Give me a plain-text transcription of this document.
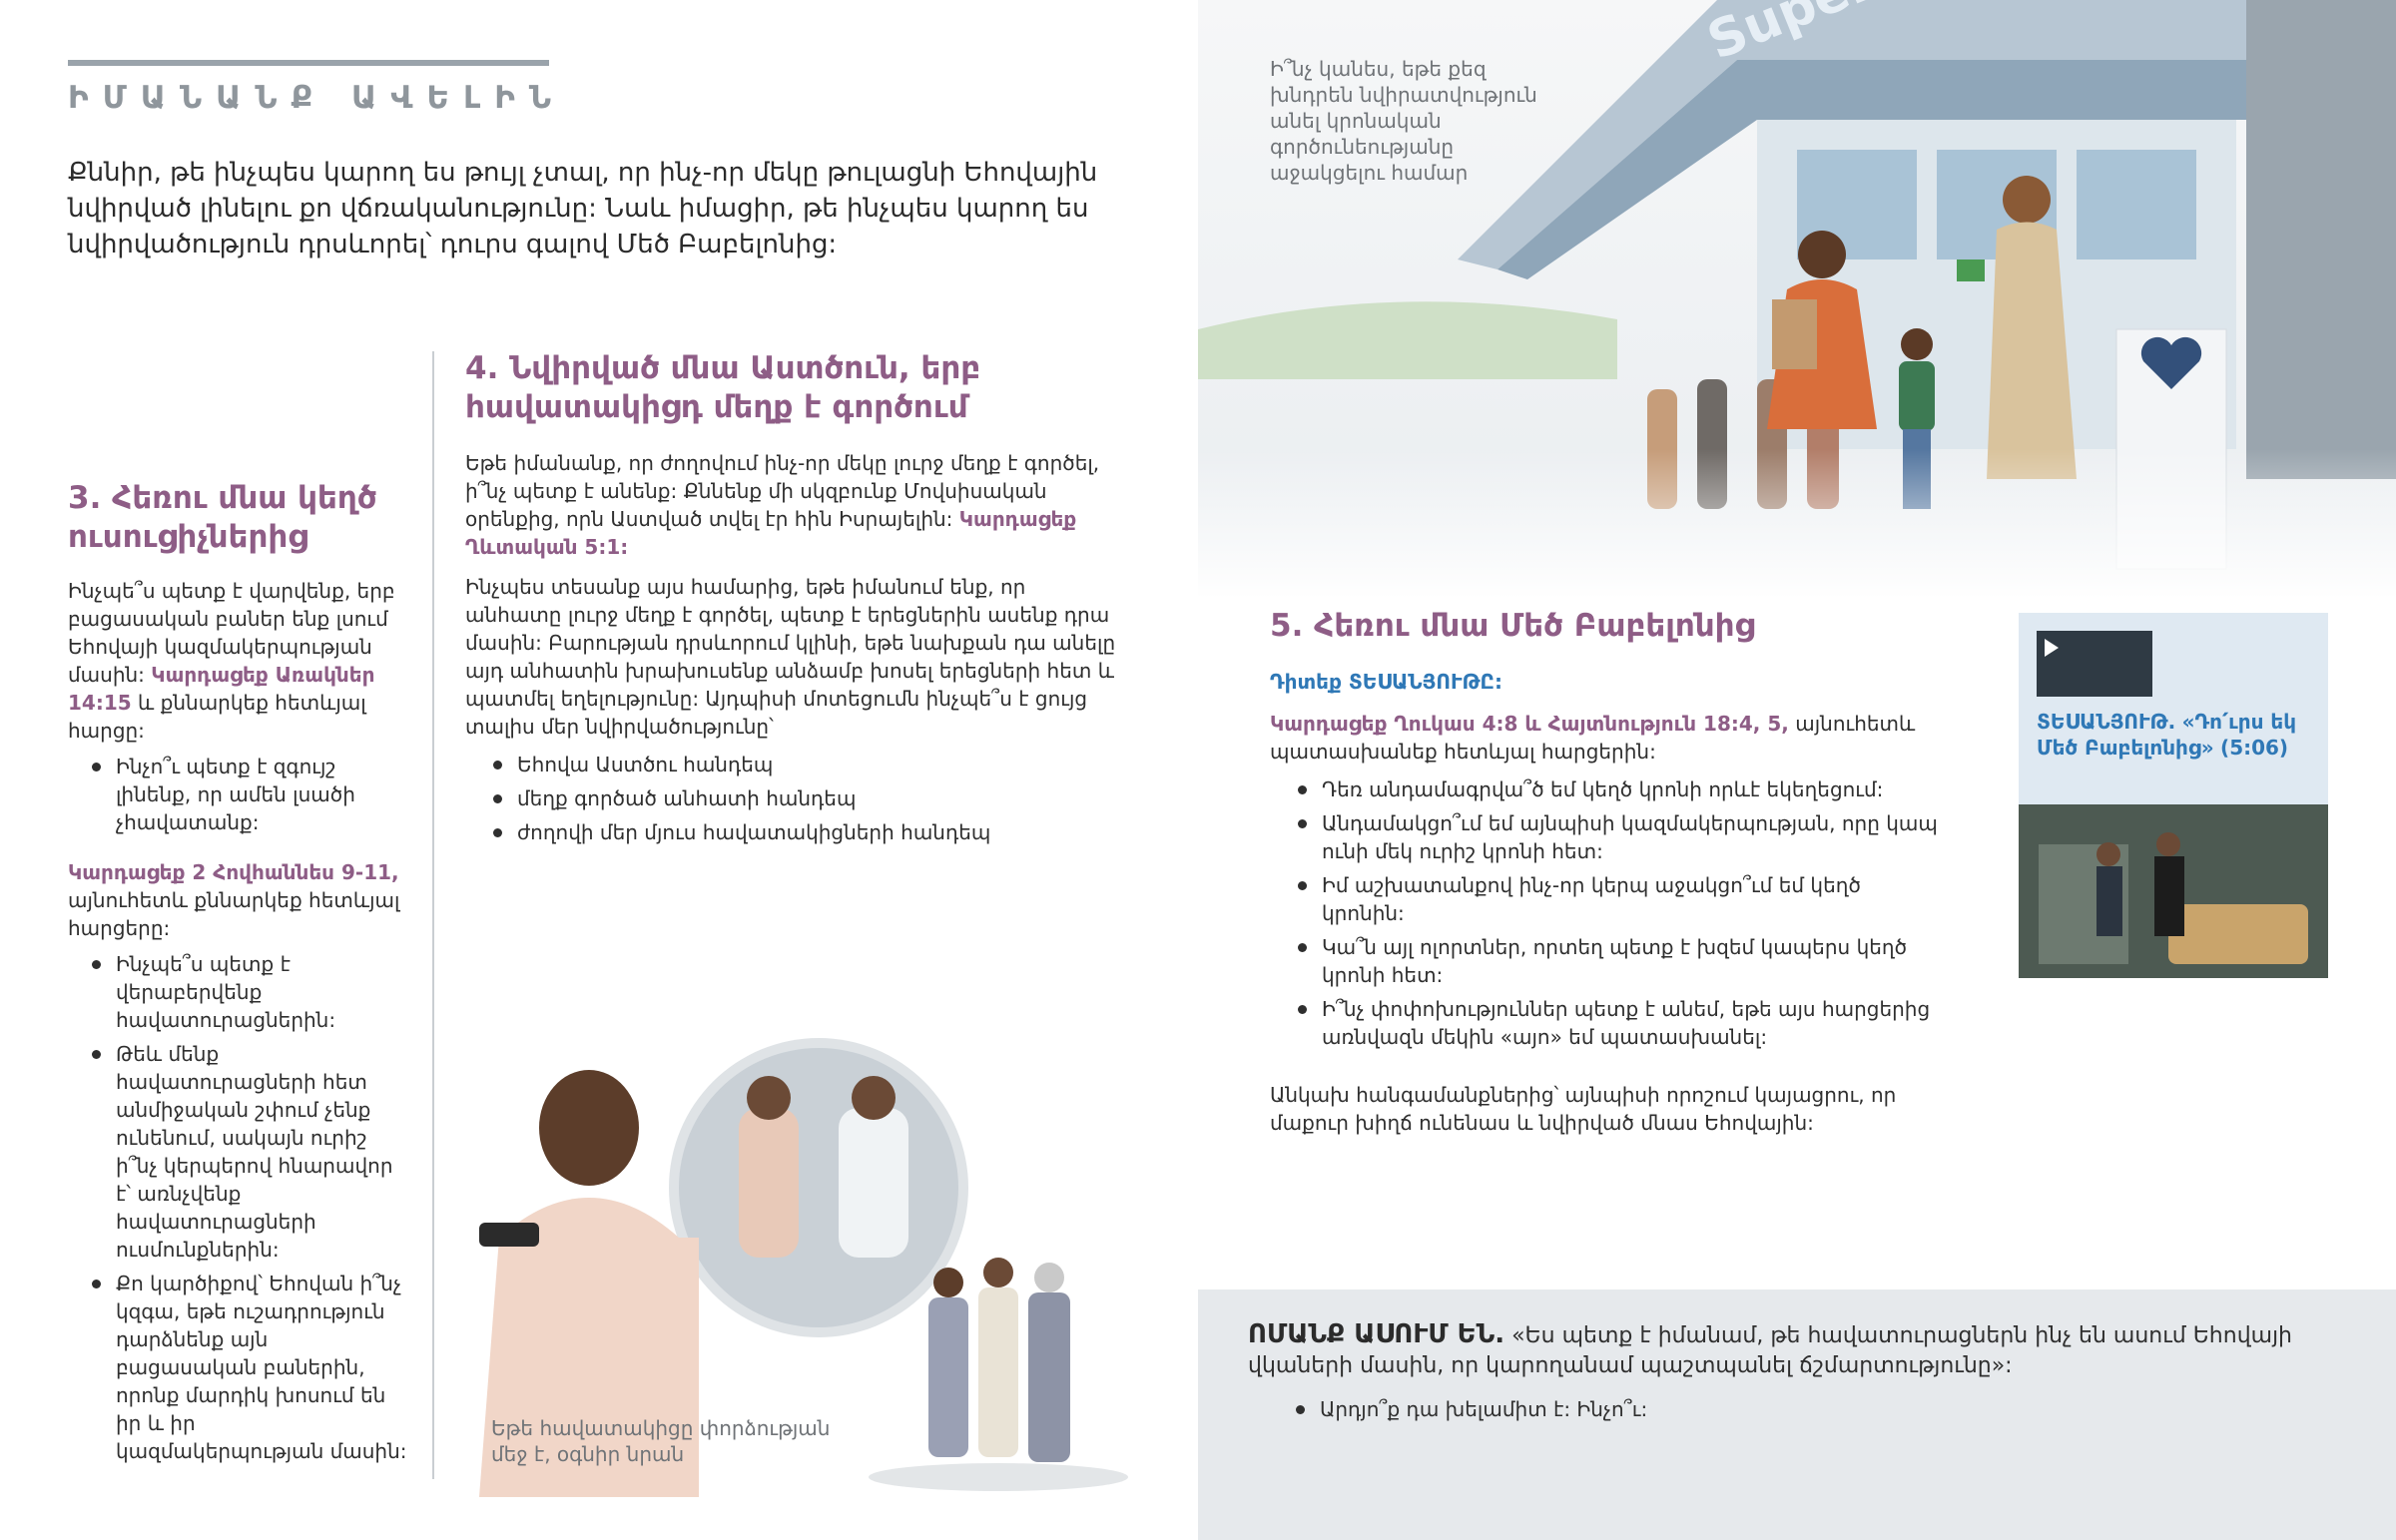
ԻՄԱՆԱՆՔ ԱՎԵԼԻՆ
Քննիր, թե ինչպես կարող ես թույլ չտալ, որ ինչ-որ մեկը թուլացնի Եհովային նվիրված լինելու քո վճռականությունը: Նաև իմացիր, թե ինչպես կարող ես նվիրվածություն դրսևորել՝ դուրս գալով Մեծ Բաբելոնից:
3. Հեռու մնա կեղծ
ուսուցիչներից
Ինչպե՞ս պետք է վարվենք, երբ բացասական բաներ ենք լսում Եհովայի կազմակերպության մասին: Կարդացեք Առակներ 14:15 և քննարկեք հետևյալ հարցը:
Ինչո՞ւ պետք է զգույշ լինենք, որ ամեն լսածի չհավատանք:
Կարդացեք 2 Հովհաննես 9-11, այնուհետև քննարկեք հետևյալ հարցերը:
Ինչպե՞ս պետք է վերաբերվենք հավատուրացներին:
Թեև մենք հավատուրացների հետ անմիջական շփում չենք ունենում, սակայն ուրիշ ի՞նչ կերպերով հնարավոր է՝ առնչվենք հավատուրացների ուսմունքներին:
Քո կարծիքով՝ Եհովան ի՞նչ կզգա, եթե ուշադրություն դարձնենք այն բացասական բաներին, որոնք մարդիկ խոսում են իր և իր կազմակերպության մասին:
4. Նվիրված մնա Աստծուն, երբ
հավատակիցդ մեղք է գործում
Եթե իմանանք, որ ժողովում ինչ-որ մեկը լուրջ մեղք է գործել, ի՞նչ պետք է անենք: Քննենք մի սկզբունք Մովսիսական օրենքից, որն Աստված տվել էր հին Իսրայելին: Կարդացեք Ղևտական 5:1:
Ինչպես տեսանք այս համարից, եթե իմանում ենք, որ անհատը լուրջ մեղք է գործել, պետք է երեցներին ասենք դրա մասին: Բարության դրսևորում կլինի, եթե նախքան դա անելը այդ անհատին խրախուսենք անձամբ խոսել երեցների հետ և պատմել եղելությունը: Այդպիսի մոտեցումն ինչպե՞ս է ցույց տալիս մեր նվիրվածությունը՝
Եհովա Աստծու հանդեպ
մեղք գործած անհատի հանդեպ
ժողովի մեր մյուս հավատակիցների հանդեպ
Եթե հավատակիցը փորձության
մեջ է, օգնիր նրան
Ի՞նչ կանես, եթե քեզ
խնդրեն նվիրատվություն
անել կրոնական
գործունեությանը
աջակցելու համար
5. Հեռու մնա Մեծ Բաբելոնից
Դիտեք ՏԵՍԱՆՅՈՒԹԸ:
Կարդացեք Ղուկաս 4:8 և Հայտնություն 18:4, 5, այնուհետև պատասխանեք հետևյալ հարցերին:
Դեռ անդամագրվա՞ծ եմ կեղծ կրոնի որևէ եկեղեցում:
Անդամակցո՞ւմ եմ այնպիսի կազմակերպության, որը կապ ունի մեկ ուրիշ կրոնի հետ:
Իմ աշխատանքով ինչ-որ կերպ աջակցո՞ւմ եմ կեղծ կրոնին:
Կա՞ն այլ ոլորտներ, որտեղ պետք է խզեմ կապերս կեղծ կրոնի հետ:
Ի՞նչ փոփոխություններ պետք է անեմ, եթե այս հարցերից առնվազն մեկին «այո» եմ պատասխանել:
Անկախ հանգամանքներից՝ այնպիսի որոշում կայացրու, որ մաքուր խիղճ ունենաս և նվիրված մնաս Եհովային:
ՏԵՍԱՆՅՈՒԹ. «Դո՛ւրս եկ Մեծ Բաբելոնից» (5:06)
ՈՄԱՆՔ ԱՍՈՒՄ ԵՆ. «Ես պետք է իմանամ, թե հավատուրացներն ինչ են ասում Եհովայի վկաների մասին, որ կարողանամ պաշտպանել ճշմարտությունը»:
Արդյո՞ք դա խելամիտ է: Ինչո՞ւ:
